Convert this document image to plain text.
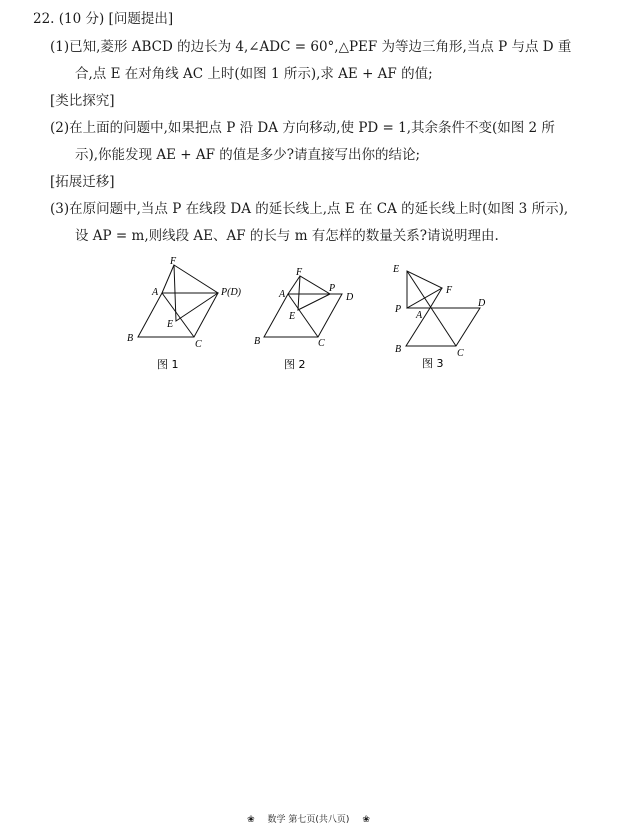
22. (10 分) [问题提出]
(1)已知,菱形 ABCD 的边长为 4,∠ADC = 60°,△PEF 为等边三角形,当点 P 与点 D 重
合,点 E 在对角线 AC 上时(如图 1 所示),求 AE + AF 的值;
[类比探究]
(2)在上面的问题中,如果把点 P 沿 DA 方向移动,使 PD = 1,其余条件不变(如图 2 所
示),你能发现 AE + AF 的值是多少?请直接写出你的结论;
[拓展迁移]
(3)在原问题中,当点 P 在线段 DA 的延长线上,点 E 在 CA 的延长线上时(如图 3 所示),
设 AP = m,则线段 AE、AF 的长与 m 有怎样的数量关系?请说明理由.
F
A	P(D)
E
B
C
图 1
F
A
P
D
E
B	C
图 2
E
F
P
A
D
B	C
图 3
❀ 数学 第七页(共八页) ❀
